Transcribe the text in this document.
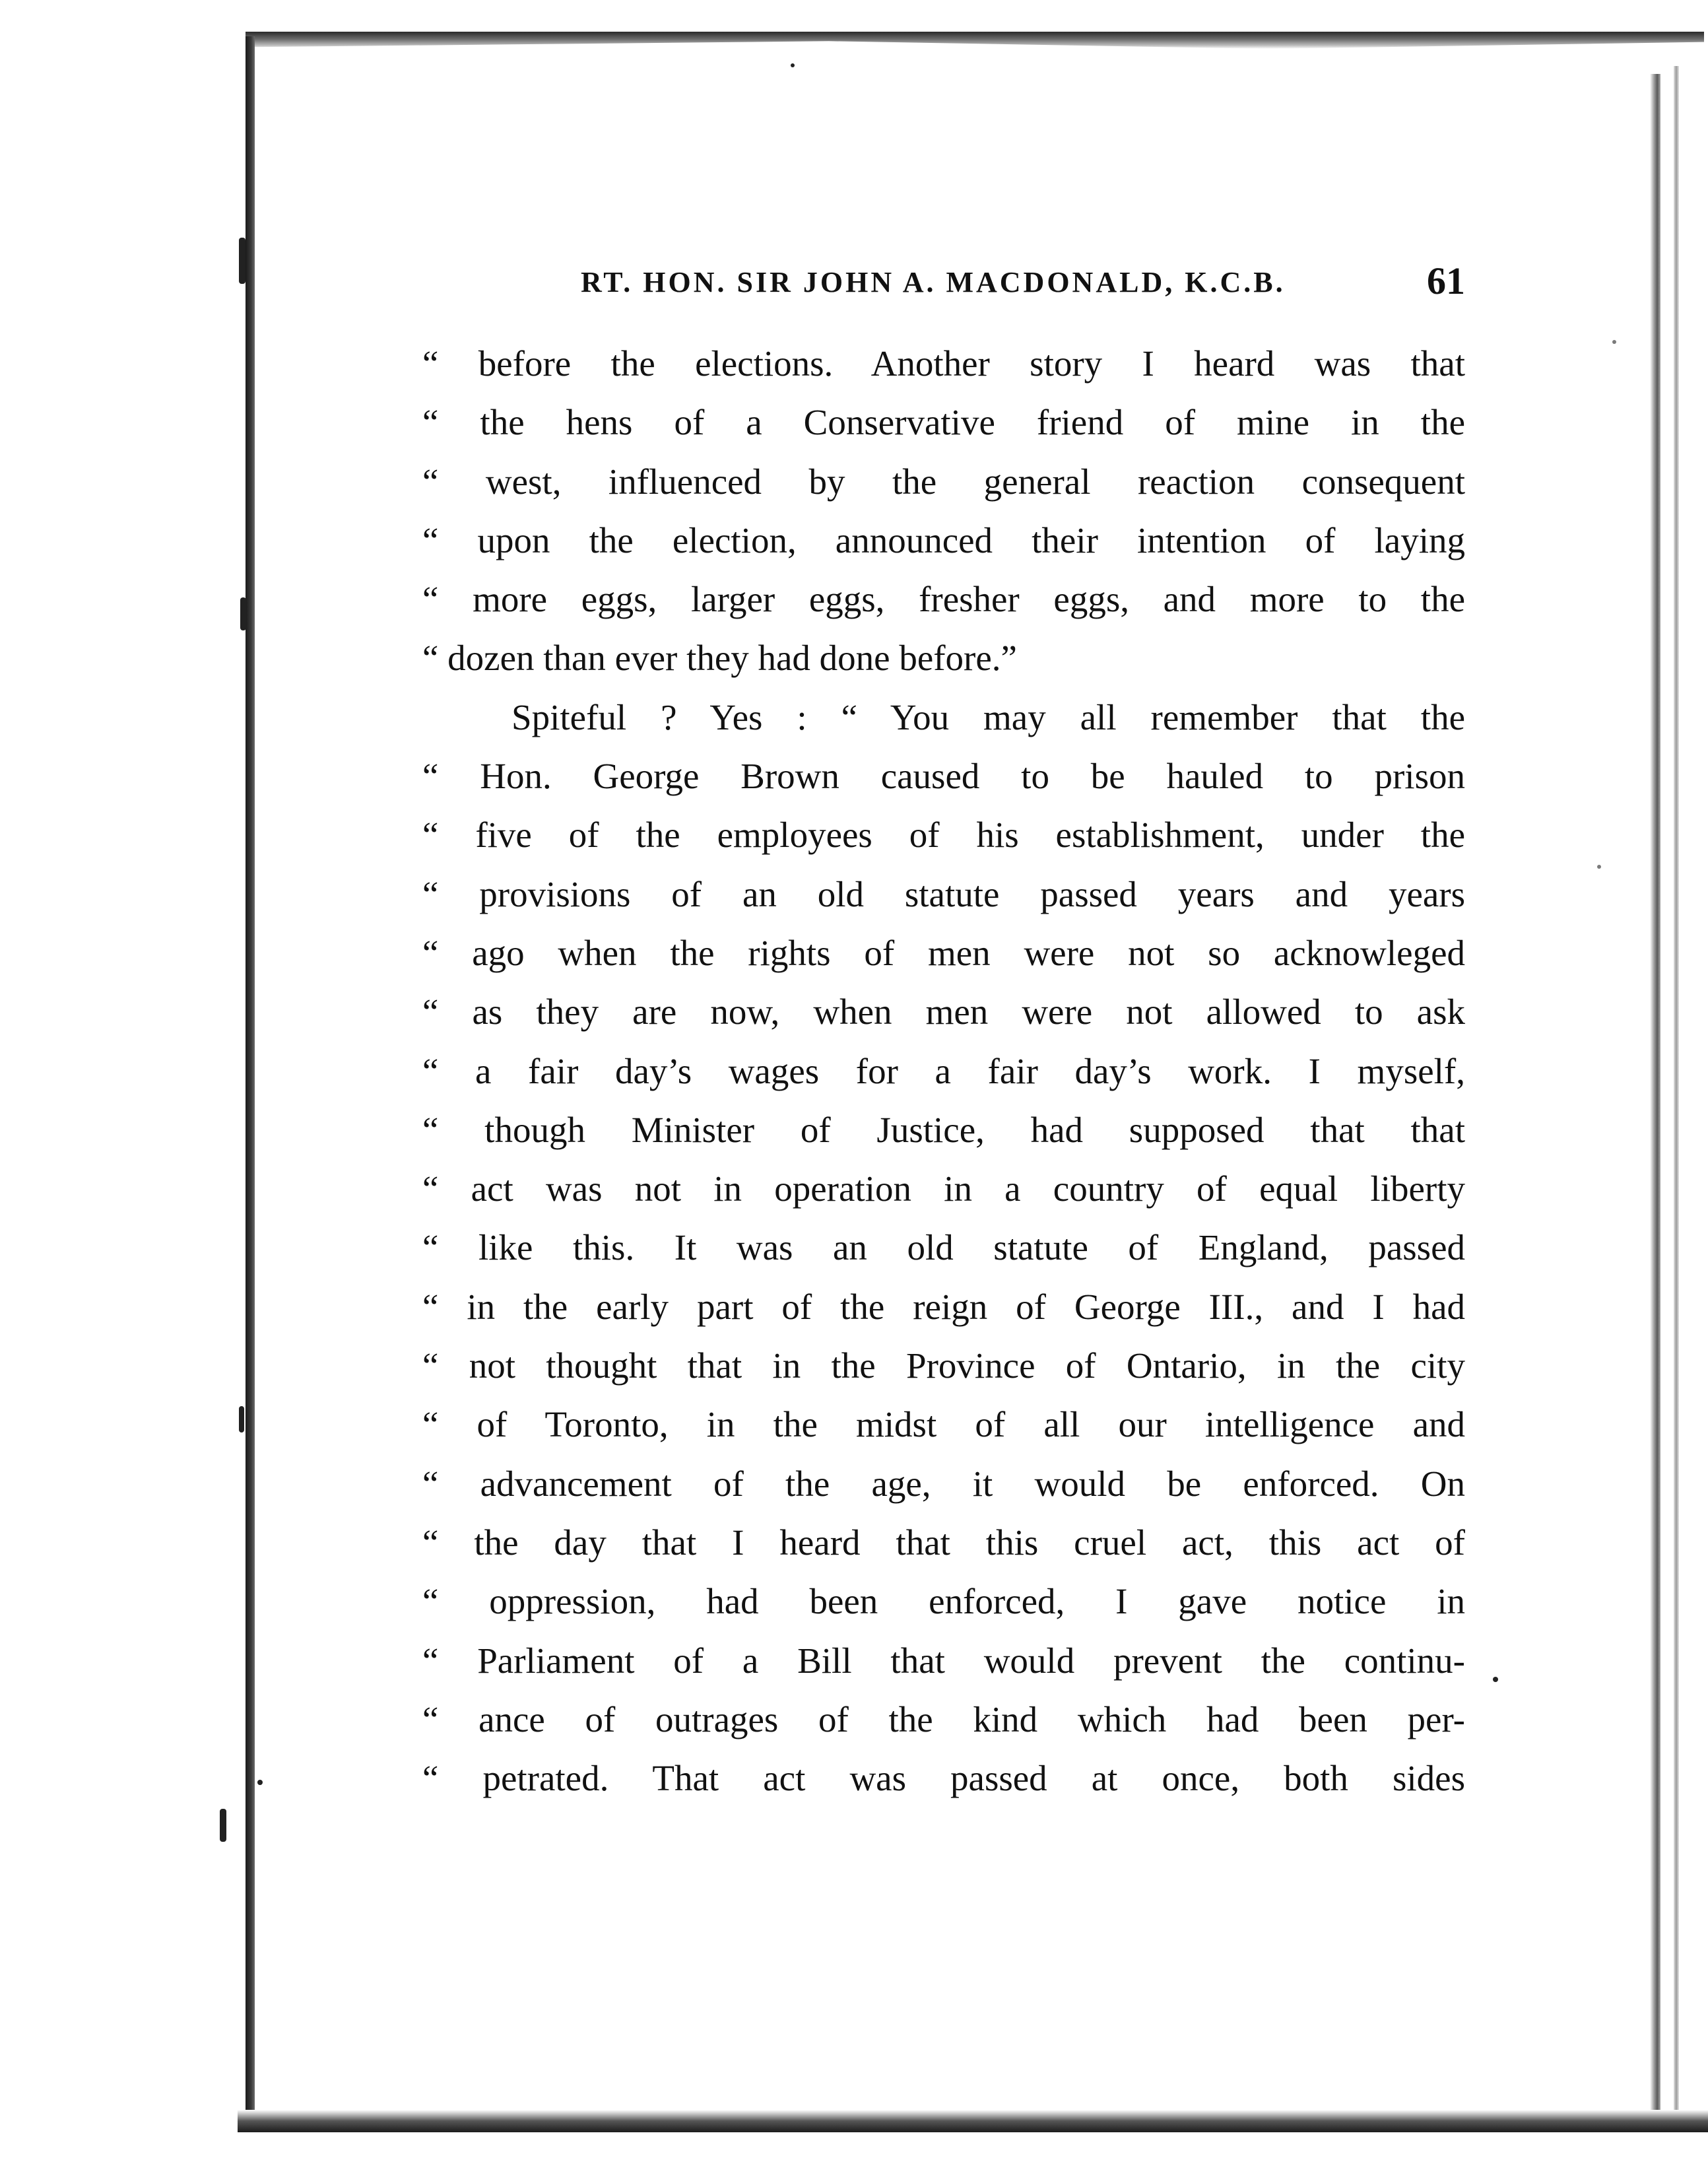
RT. HON. SIR JOHN A. MACDONALD, K.C.B.	61
“ before the elections. Another story I heard was that
“ the hens of a Conservative friend of mine in the
“ west, influenced by the general reaction consequent
“ upon the election, announced their intention of laying
“ more eggs, larger eggs, fresher eggs, and more to the
“ dozen than ever they had done before.”
Spiteful ? Yes : “ You may all remember that the
“ Hon. George Brown caused to be hauled to prison
“ five of the employees of his establishment, under the
“ provisions of an old statute passed years and years
“ ago when the rights of men were not so acknowleged
“ as they are now, when men were not allowed to ask
“ a fair day’s wages for a fair day’s work. I myself,
“ though Minister of Justice, had supposed that that
“ act was not in operation in a country of equal liberty
“ like this. It was an old statute of England, passed
“ in the early part of the reign of George III., and I had
“ not thought that in the Province of Ontario, in the city
“ of Toronto, in the midst of all our intelligence and
“ advancement of the age, it would be enforced. On
“ the day that I heard that this cruel act, this act of
“ oppression, had been enforced, I gave notice in
“ Parliament of a Bill that would prevent the continu-
“ ance of outrages of the kind which had been per-
“ petrated. That act was passed at once, both sides
